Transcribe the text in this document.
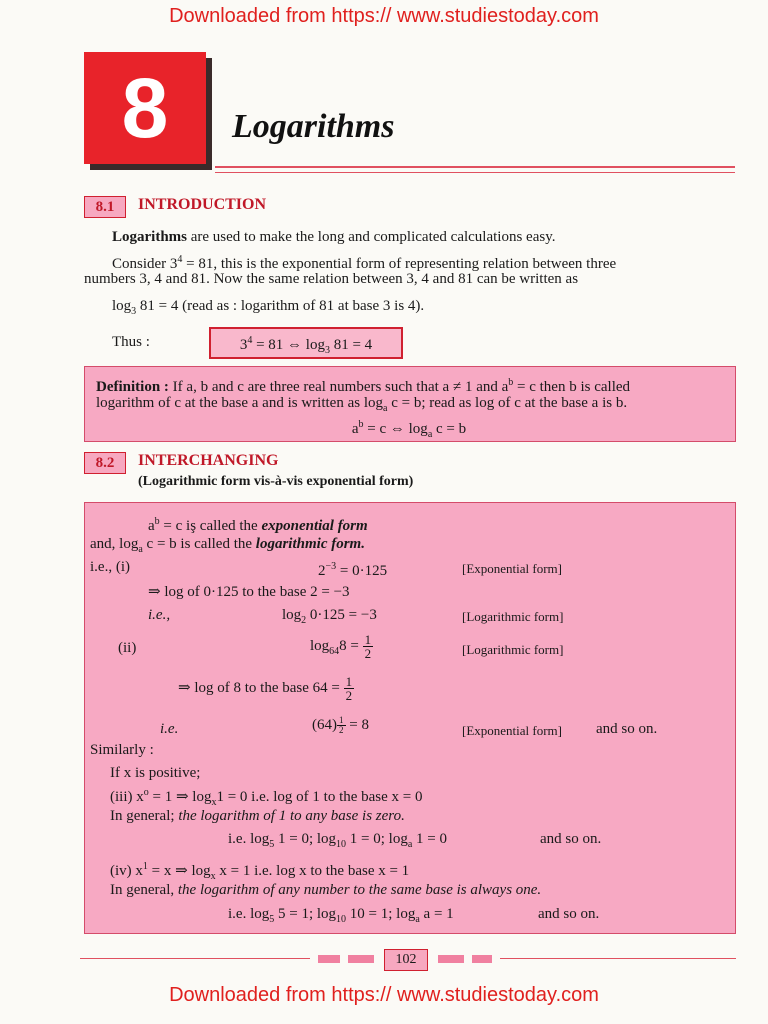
Downloaded from https:// www.studiestoday.com
8	Logarithms
8.1	INTRODUCTION
Logarithms are used to make the long and complicated calculations easy.
Consider $3^4 = 81$, this is the exponential form of representing relation between three
numbers 3, 4 and 81. Now the same relation between 3, 4 and 81 can be written as
$\log_3 81 = 4$ (read as : logarithm of 81 at base 3 is 4).
Thus :	$3^4 = 81$ ⇔ $\log_3 81 = 4$
Definition : If a, b and c are three real numbers such that a ≠ 1 and $a^b = c$ then b is called
logarithm of c at the base a and is written as $\log_a c = b$; read as log of c at the base a is b.
$a^b = c$ ⇔ $\log_a c = b$
8.2	INTERCHANGING
(Logarithmic form vis-à-vis exponential form)
$a^b = c$ iş called the exponential form
and, $\log_a c = b$ is called the logarithmic form.
i.e., (i)	$2^{-3} = 0\cdot 125$	[Exponential form]
⇒ log of 0·125 to the base 2 = −3
i.e.,	$\log_2 0\cdot 125 = -3$	[Logarithmic form]
(ii)	$\log_{64}8 = \frac{1}{2}$	[Logarithmic form]
⇒ log of 8 to the base $64 = \frac{1}{2}$
i.e.	$(64) \frac{1}{2} = 8$	[Exponential form] and so on.
Similarly :
If x is positive;
(iii) $x^o = 1$ ⇒ $\log_x1 = 0$ i.e. log of 1 to the base x = 0
In general; the logarithm of 1 to any base is zero.
i.e. $\log_5 1 = 0$; $\log_{10} 1 = 0$; $\log_a 1 = 0$	and so on.
(iv) $x^1 = x$ ⇒ $\log_x x = 1$ i.e. log x to the base x = 1
In general, the logarithm of any number to the same base is always one.
i.e. $\log_5 5 = 1$; $\log_{10} 10 = 1$; $\log_a a = 1$	and so on.
102
Downloaded from https:// www.studiestoday.com
